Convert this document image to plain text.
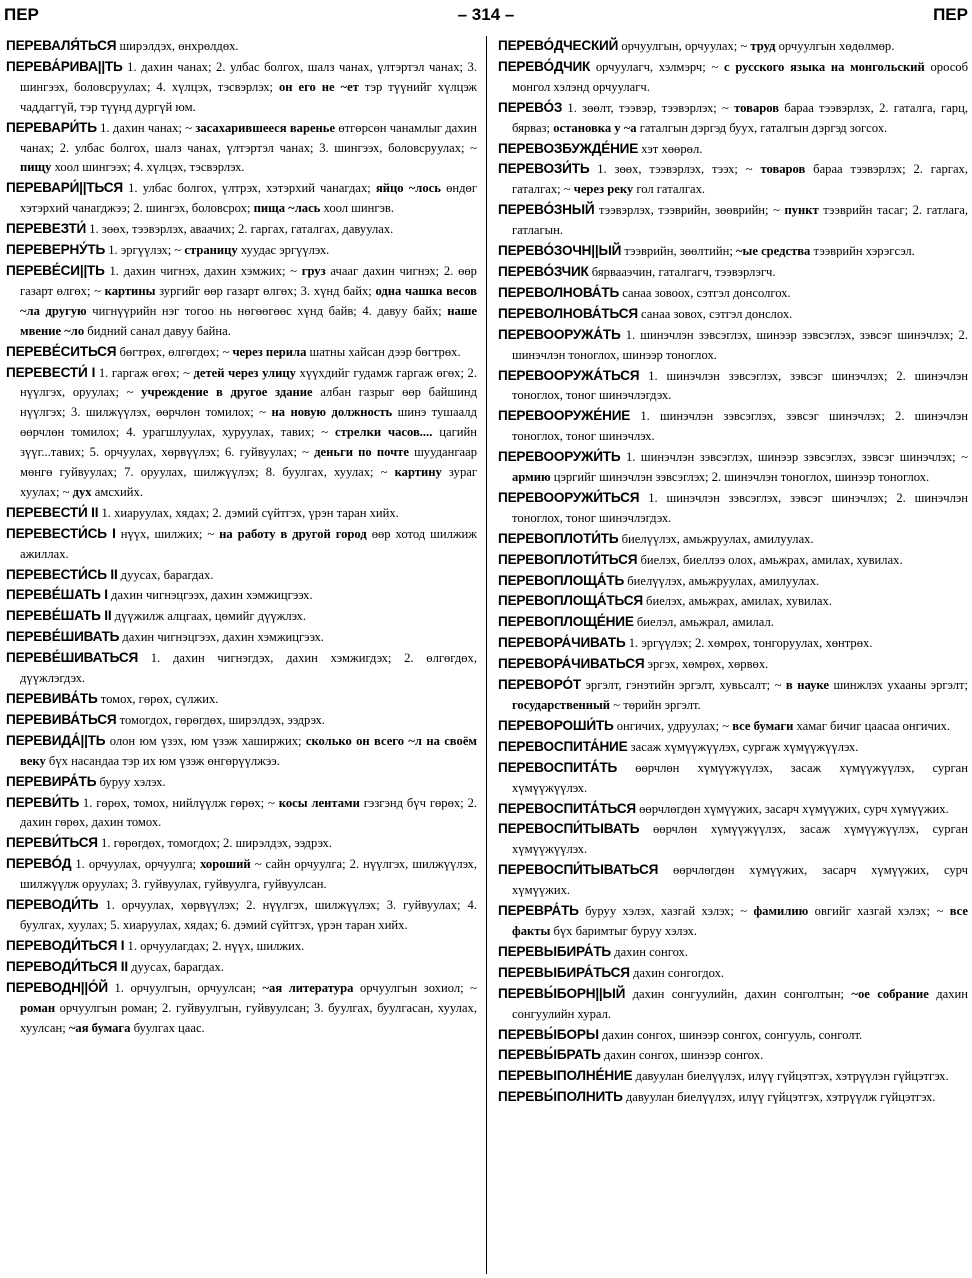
ПЕР	– 314 –	ПЕР

ПЕРЕВАЛЯ́ТЬСЯ ширэлдэх, өнхрөлдөх.

ПЕРЕВА́РИВА||ТЬ 1. дахин чанах; 2. улбас болгох, шалз чанах, үлтэртэл чанах; 3. шингээх, боловсруулах; 4. хүлцэх, тэсвэрлэх; он его не ~ет тэр түүнийг хүлцэж чаддаггүй, тэр түүнд дургүй юм.

ПЕРЕВАРИ́ТЬ 1. дахин чанах; ~ засахарившееся варенье өтгөрсөн чанамлыг дахин чанах; 2. улбас болгох, шалз чанах, үлтэртэл чанах; 3. шингээх, боловсруулах; ~ пищу хоол шингээх; 4. хүлцэх, тэсвэрлэх.

ПЕРЕВАРИ́||ТЬСЯ 1. улбас болгох, үлтрэх, хэтэрхий чанагдах; яйцо ~лось өндөг хэтэрхий чанагджээ; 2. шингэх, боловсрох; пища ~лась хоол шингэв.

ПЕРЕВЕЗТИ́ 1. зөөх, тээвэрлэх, аваачих; 2. гаргах, гаталгах, давуулах.

ПЕРЕВЕРНУ́ТЬ 1. эргүүлэх; ~ страницу хуудас эргүүлэх.

ПЕРЕВЕ́СИ||ТЬ 1. дахин чигнэх, дахин хэмжих; ~ груз ачааг дахин чигнэх; 2. өөр газарт өлгөх; ~ картины зургийг өөр газарт өлгөх; 3. хүнд байх; одна чашка весов ~ла другую чигнүүрийн нэг тогоо нь нөгөөгөөс хүнд байв; 4. давуу байх; наше мвение ~ло бидний санал давуу байна.

ПЕРЕВЕ́СИТЬСЯ бөгтрөх, өлгөгдөх; ~ через перила шатны хайсан дээр бөгтрөх.

ПЕРЕВЕСТИ́ I 1. гаргаж өгөх; ~ детей через улицу хүүхдийг гудамж гаргаж өгөх; 2. нүүлгэх, оруулах; ~ учреждение в другое здание албан газрыг өөр байшинд нүүлгэх; 3. шилжүүлэх, өөрчлөн томилох; ~ на новую должность шинэ тушаалд өөрчлөн томилох; 4. урагшлуулах, хуруулах, тавих; ~ стрелки часов.... цагийн зүүг...тавих; 5. орчуулах, хөрвүүлэх; 6. гуйвуулах; ~ деньги по почте шуудангаар мөнгө гуйвуулах; 7. оруулах, шилжүүлэх; 8. буулгах, хуулах; ~ картину зураг хуулах; ~ дух амсхийх.

ПЕРЕВЕСТИ́ II 1. хиаруулах, хядах; 2. дэмий сүйтгэх, үрэн таран хийх.

ПЕРЕВЕСТИ́СЬ I нүүх, шилжих; ~ на работу в другой город өөр хотод шилжиж ажиллах.

ПЕРЕВЕСТИ́СЬ II дуусах, барагдах.

ПЕРЕВЕ́ШАТЬ I дахин чигнэцгээх, дахин хэмжицгээх.

ПЕРЕВЕ́ШАТЬ II дүүжилж алцгаах, цөмийг дүүжлэх.

ПЕРЕВЕ́ШИВАТЬ дахин чигнэцгээх, дахин хэмжицгээх.

ПЕРЕВЕ́ШИВАТЬСЯ 1. дахин чигнэгдэх, дахин хэмжигдэх; 2. өлгөгдөх, дүүжлэгдэх.

ПЕРЕВИВА́ТЬ томох, гөрөх, сүлжих.

ПЕРЕВИВА́ТЬСЯ томогдох, гөрөгдөх, ширэлдэх, ээдрэх.

ПЕРЕВИДА́||ТЬ олон юм үзэх, юм үзэж хаширжих; сколько он всего ~л на своём веку бүх насандаа тэр их юм үзэж өнгөрүүлжээ.

ПЕРЕВИРА́ТЬ буруу хэлэх.

ПЕРЕВИ́ТЬ 1. гөрөх, томох, нийлүүлж гөрөх; ~ косы лентами гэзгэнд бүч гөрөх; 2. дахин гөрөх, дахин томох.

ПЕРЕВИ́ТЬСЯ 1. гөрөгдөх, томогдох; 2. ширэлдэх, ээдрэх.

ПЕРЕВО́Д 1. орчуулах, орчуулга; хороший ~ сайн орчуулга; 2. нүүлгэх, шилжүүлэх, шилжүүлж оруулах; 3. гуйвуулах, гуйвуулга, гуйвуулсан.

ПЕРЕВОДИ́ТЬ 1. орчуулах, хөрвүүлэх; 2. нүүлгэх, шилжүүлэх; 3. гуйвуулах; 4. буулгах, хуулах; 5. хиаруулах, хядах; 6. дэмий сүйтгэх, үрэн таран хийх.

ПЕРЕВОДИ́ТЬСЯ I 1. орчуулагдах; 2. нүүх, шилжих.

ПЕРЕВОДИ́ТЬСЯ II дуусах, барагдах.

ПЕРЕВОДН||О́Й 1. орчуулгын, орчуулсан; ~ая литература орчуулгын зохиол; ~ роман орчуулгын роман; 2. гуйвуулгын, гуйвуулсан; 3. буулгах, буулгасан, хуулах, хуулсан; ~ая бумага буулгах цаас.

ПЕРЕВО́ДЧЕСКИЙ орчуулгын, орчуулах; ~ труд орчуулгын хөдөлмөр.

ПЕРЕВО́ДЧИК орчуулагч, хэлмэрч; ~ с русского языка на монгольский орособ монгол хэлэнд орчуулагч.

ПЕРЕВО́З 1. зөөлт, тээвэр, тээвэрлэх; ~ товаров бараа тээвэрлэх, 2. гаталга, гарц, бярваз; остановка у ~а гаталгын дэргэд бууx, гаталгын дэргэд зогсох.

ПЕРЕВОЗБУЖДЕ́НИЕ хэт хөөрөл.

ПЕРЕВОЗИ́ТЬ 1. зөөх, тээвэрлэх, тээх; ~ товаров бараа тээвэрлэх; 2. гаргах, гаталгах; ~ через реку гол гаталгах.

ПЕРЕВО́ЗНЫЙ тээвэрлэх, тээврийн, зөөврийн; ~ пункт тээврийн тасаг; 2. гатлага, гатлагын.

ПЕРЕВО́ЗОЧН||ЫЙ тээврийн, зөөлтийн; ~ые средства тээврийн хэрэгсэл.

ПЕРЕВО́ЗЧИК бярвааэчин, гаталгагч, тээвэрлэгч.

ПЕРЕВОЛНОВА́ТЬ санаа зовоох, сэтгэл донсолгох.

ПЕРЕВОЛНОВА́ТЬСЯ санаа зовох, сэтгэл донслох.

ПЕРЕВООРУЖА́ТЬ 1. шинэчлэн зэвсэглэх, шинээр зэвсэглэх, зэвсэг шинэчлэх; 2. шинэчлэн тоноглох, шинээр тоноглох.

ПЕРЕВООРУЖА́ТЬСЯ 1. шинэчлэн зэвсэглэх, зэвсэг шинэчлэх; 2. шинэчлэн тоноглох, тоног шинэчлэгдэх.

ПЕРЕВООРУЖЕ́НИЕ 1. шинэчлэн зэвсэглэх, зэвсэг шинэчлэх; 2. шинэчлэн тоноглох, тоног шинэчлэх.

ПЕРЕВООРУЖИ́ТЬ 1. шинэчлэн зэвсэглэх, шинээр зэвсэглэх, зэвсэг шинэчлэх; ~ армию цэргийг шинэчлэн зэвсэглэх; 2. шинэчлэн тоноглох, шинээр тоноглох.

ПЕРЕВООРУЖИ́ТЬСЯ 1. шинэчлэн зэвсэглэх, зэвсэг шинэчлэх; 2. шинэчлэн тоноглох, тоног шинэчлэгдэх.

ПЕРЕВОПЛОТИ́ТЬ биелүүлэх, амьжруулах, амилуулах.

ПЕРЕВОПЛОТИ́ТЬСЯ биелэх, биеллээ олох, амьжрах, амилах, хувилах.

ПЕРЕВОПЛОЩА́ТЬ биелүүлэх, амьжруулах, амилуулах.

ПЕРЕВОПЛОЩА́ТЬСЯ биелэх, амьжрах, амилах, хувилах.

ПЕРЕВОПЛОЩЕ́НИЕ биелэл, амьжрал, амилал.

ПЕРЕВОРА́ЧИВАТЬ 1. эргүүлэх; 2. хөмрөх, тонгоруулах, хөнтрөх.

ПЕРЕВОРА́ЧИВАТЬСЯ эргэх, хөмрөх, хөрвөх.

ПЕРЕВОРО́Т эргэлт, гэнэтийн эргэлт, хувьсалт; ~ в науке шинжлэх ухааны эргэлт; государственный ~ төрийн эргэлт.

ПЕРЕВОРОШИ́ТЬ онгичих, удруулах; ~ все бумаги хамаг бичиг цаасаа онгичих.

ПЕРЕВОСПИТА́НИЕ засаж хүмүүжүүлэх, сургаж хүмүүжүүлэх.

ПЕРЕВОСПИТА́ТЬ өөрчлөн хүмүүжүүлэх, засаж хүмүүжүүлэх, сурган хүмүүжүүлэх.

ПЕРЕВОСПИТА́ТЬСЯ өөрчлөгдөн хүмүүжих, засарч хүмүүжих, сурч хүмүүжих.

ПЕРЕВОСПИ́ТЫВАТЬ өөрчлөн хүмүүжүүлэх, засаж хүмүүжүүлэх, сурган хүмүүжүүлэх.

ПЕРЕВОСПИ́ТЫВАТЬСЯ өөрчлөгдөн хүмүүжих, засарч хүмүүжих, сурч хүмүүжих.

ПЕРЕВРА́ТЬ буруу хэлэх, хазгай хэлэх; ~ фамилию овгийг хазгай хэлэх; ~ все факты бүх баримтыг буруу хэлэх.

ПЕРЕВЫБИРА́ТЬ дахин сонгох.

ПЕРЕВЫБИРА́ТЬСЯ дахин сонгогдох.

ПЕРЕВЫ́БОРН||ЫЙ дахин сонгуулийн, дахин сонголтын; ~ое собрание дахин сонгуулийн хурал.

ПЕРЕВЫ́БОРЫ дахин сонгох, шинээр сонгох, сонгууль, сонголт.

ПЕРЕВЫ́БРАТЬ дахин сонгох, шинээр сонгох.

ПЕРЕВЫПОЛНЕ́НИЕ давуулан биелүүлэх, илүү гүйцэтгэх, хэтрүүлэн гүйцэтгэх.

ПЕРЕВЫ́ПОЛНИТЬ давуулан биелүүлэх, илүү гүйцэтгэх, хэтрүүлж гүйцэтгэх.
